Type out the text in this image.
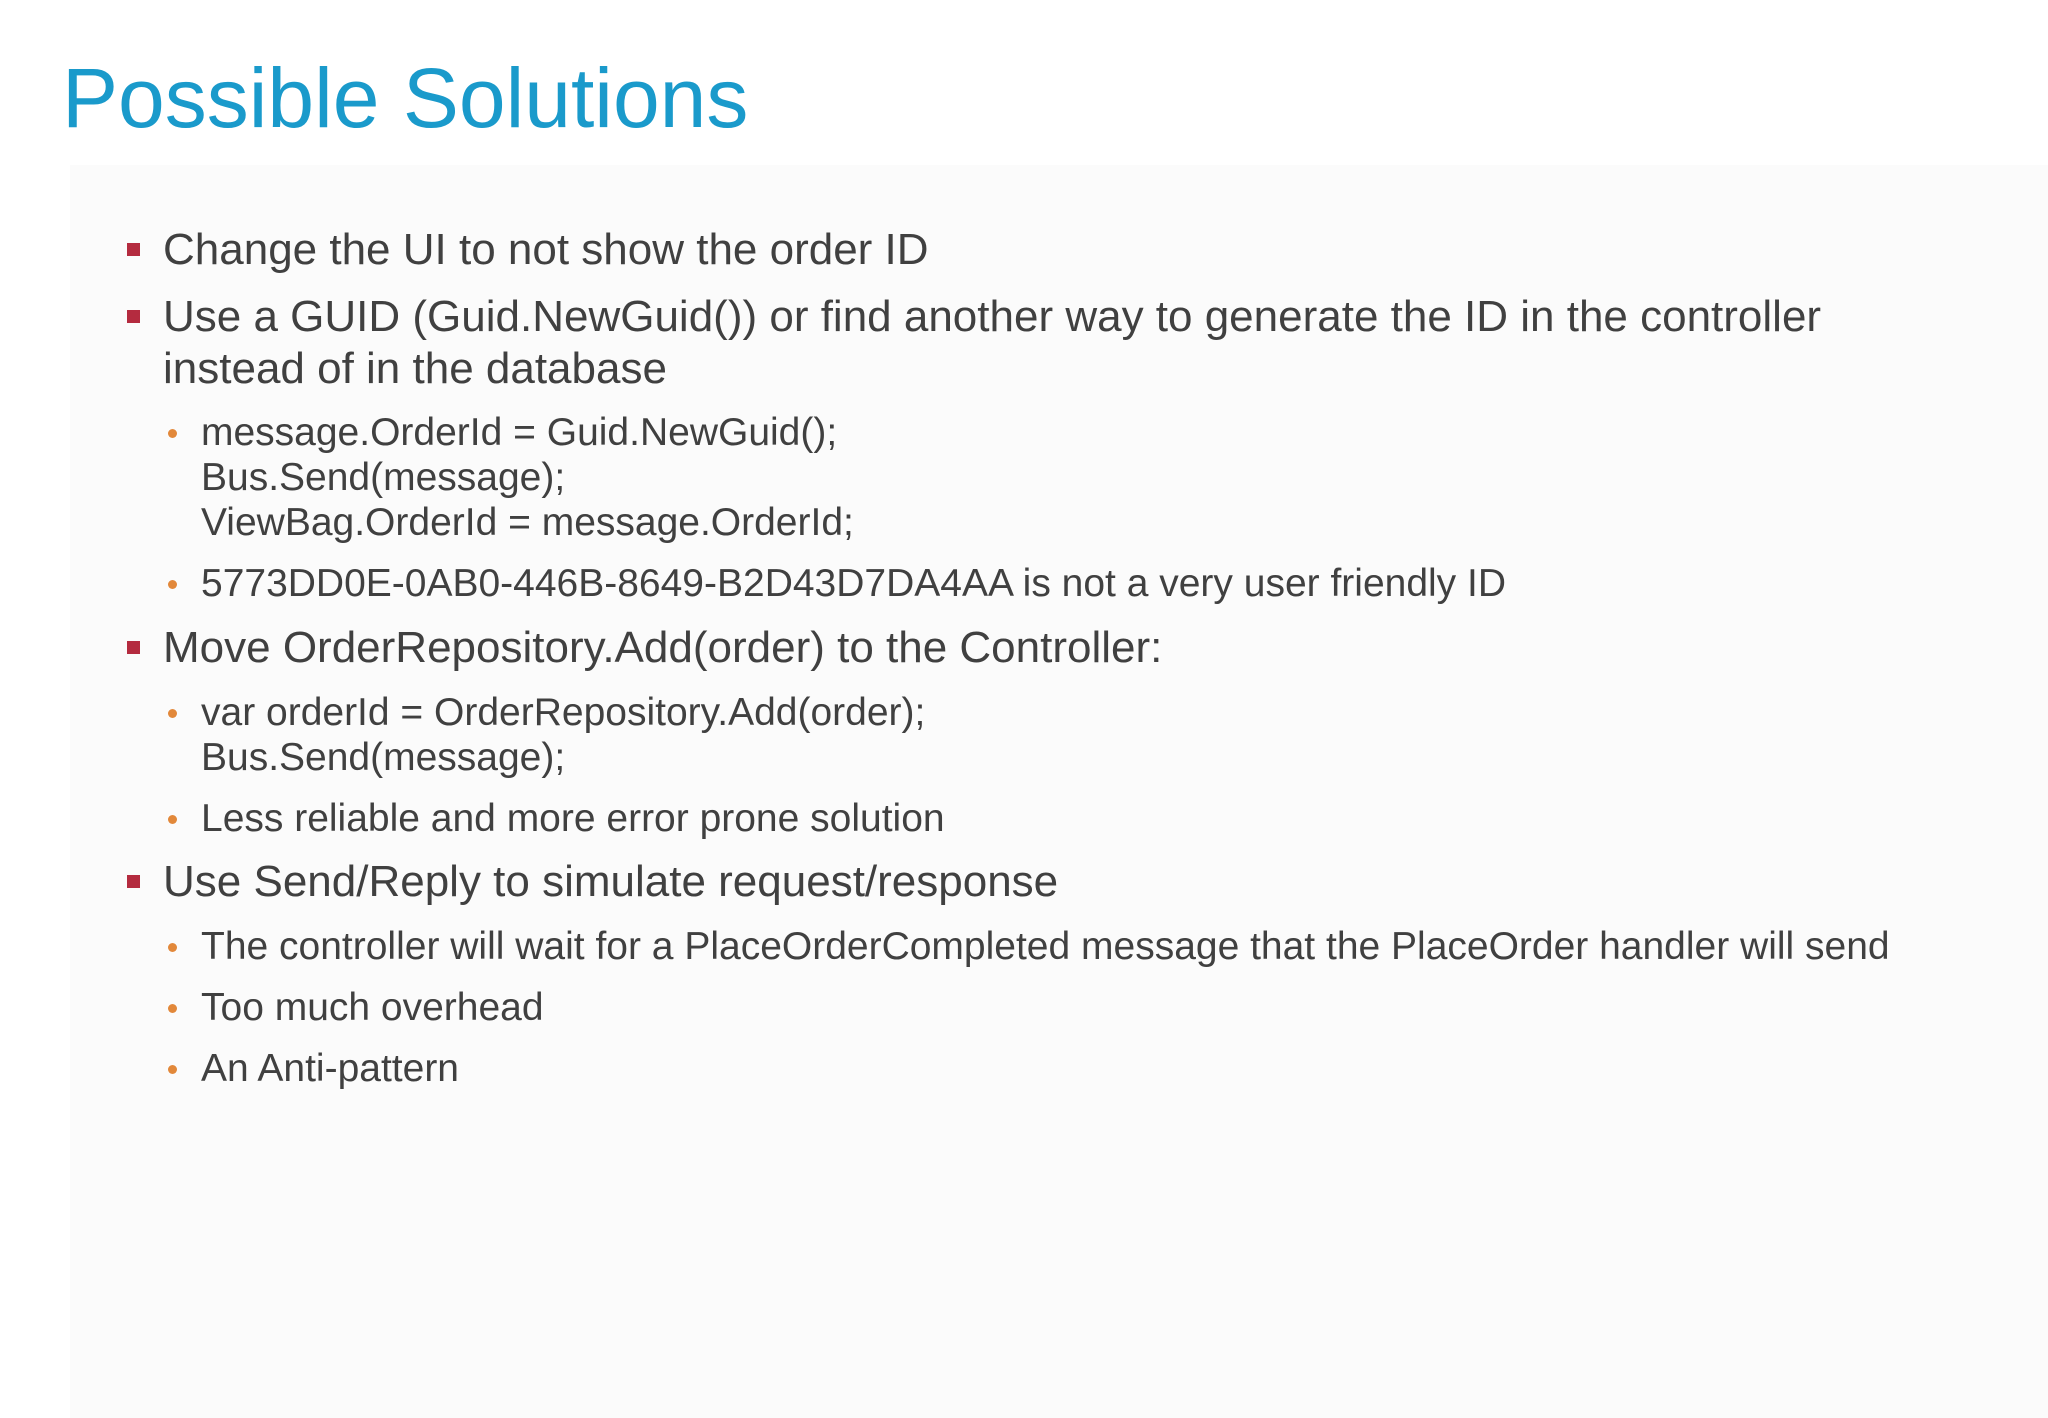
Possible Solutions
Change the UI to not show the order ID
Use a GUID (Guid.NewGuid()) or find another way to generate the ID in the controller
instead of in the database
message.OrderId = Guid.NewGuid();
Bus.Send(message);
ViewBag.OrderId = message.OrderId;
5773DD0E-0AB0-446B-8649-B2D43D7DA4AA is not a very user friendly ID
Move OrderRepository.Add(order) to the Controller:
var orderId = OrderRepository.Add(order);
Bus.Send(message);
Less reliable and more error prone solution
Use Send/Reply to simulate request/response
The controller will wait for a PlaceOrderCompleted message that the PlaceOrder handler will send
Too much overhead
An Anti-pattern
